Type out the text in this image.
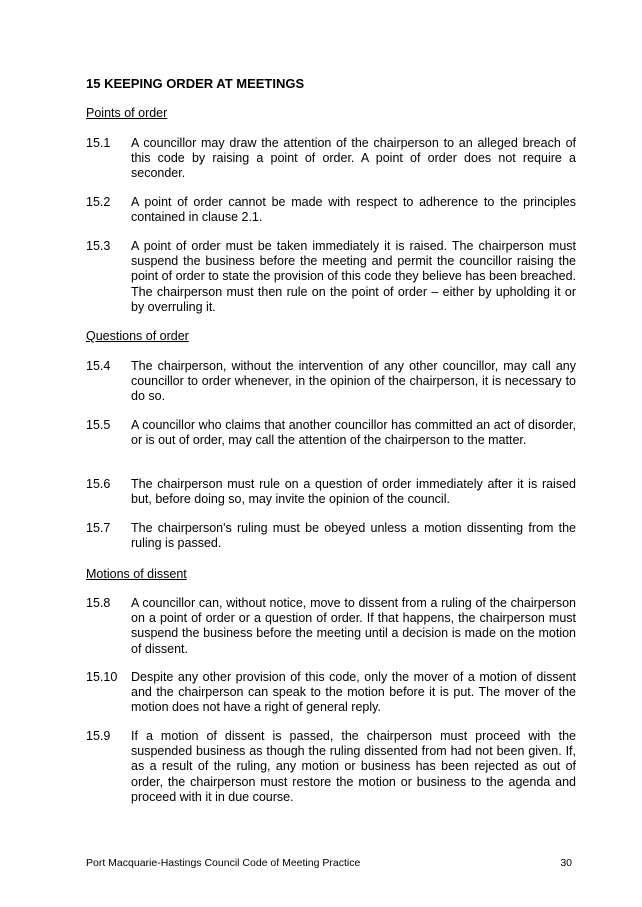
15 KEEPING ORDER AT MEETINGS
Points of order
15.1	A councillor may draw the attention of the chairperson to an alleged breach of this code by raising a point of order. A point of order does not require a seconder.
15.2	A point of order cannot be made with respect to adherence to the principles contained in clause 2.1.
15.3	A point of order must be taken immediately it is raised. The chairperson must suspend the business before the meeting and permit the councillor raising the point of order to state the provision of this code they believe has been breached. The chairperson must then rule on the point of order – either by upholding it or by overruling it.
Questions of order
15.4	The chairperson, without the intervention of any other councillor, may call any councillor to order whenever, in the opinion of the chairperson, it is necessary to do so.
15.5	A councillor who claims that another councillor has committed an act of disorder, or is out of order, may call the attention of the chairperson to the matter.
15.6	The chairperson must rule on a question of order immediately after it is raised but, before doing so, may invite the opinion of the council.
15.7	The chairperson's ruling must be obeyed unless a motion dissenting from the ruling is passed.
Motions of dissent
15.8	A councillor can, without notice, move to dissent from a ruling of the chairperson on a point of order or a question of order. If that happens, the chairperson must suspend the business before the meeting until a decision is made on the motion of dissent.
15.10	Despite any other provision of this code, only the mover of a motion of dissent and the chairperson can speak to the motion before it is put. The mover of the motion does not have a right of general reply.
15.9	If a motion of dissent is passed, the chairperson must proceed with the suspended business as though the ruling dissented from had not been given. If, as a result of the ruling, any motion or business has been rejected as out of order, the chairperson must restore the motion or business to the agenda and proceed with it in due course.
Port Macquarie-Hastings Council Code of Meeting Practice	30
